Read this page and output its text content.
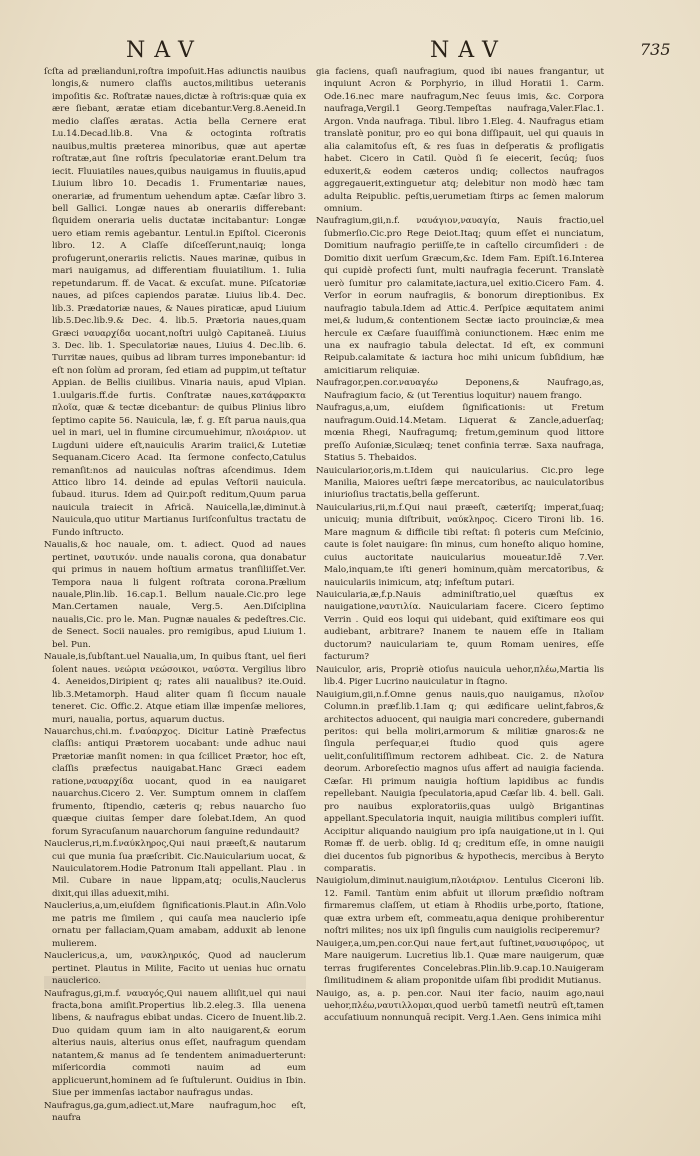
NAV	NAV	735

ſcſta ad prælianduni,roſtra impoſuit.Has adiunctis nauibus longis,& numero claſſis auctos,militibus ueteranis impoſitis &c. Roſtratæ naues,dictæ à roſtris:quæ quia ex ære ſiebant, æratæ etiam dicebantur.Verg.8.Aeneid.In medio claſſes æratas. Actia bella Cernere erat Lu.14.Decad.lib.8. Vna & octoginta roſtratis nauibus,multis præterea minoribus, quæ aut apertæ roſtratæ,aut ſine roſtris ſpeculatoriæ erant.Delum tra iecit. Fluuiatiles naues,quibus nauigamus in fluuiis,apud Liuium libro 10. Decadis 1. Frumentariæ naues, onerariæ, ad frumentum uehendum aptæ. Cæſar libro 3. bell Gallici. Longæ naues ab onerariis differebant: ſiquidem oneraria uelis ductatæ incitabantur: Longæ uero etiam remis agebantur. Lentul.in Epiſtol. Ciceronis libro. 12. A Claſſe diſceſſerunt,nauiq; longa profugerunt,onerariis relictis. Naues marinæ, quibus in mari nauigamus, ad differentiam fluuiatilium. 1. Iulia repetundarum. ff. de Vacat. & excuſat. mune. Piſcatoriæ naues, ad piſces capiendos paratæ. Liuius lib.4. Dec. lib.3. Prædatoriæ naues, & Naues piraticæ, apud Liuium lib.5.Dec.lib.9.& Dec. 4. lib.5. Prætoria naues,quam Græci ναυαρχίδα uocant,noſtri uulgò Capitaneã. Liuius 3. Dec. lib. 1. Speculatoriæ naues, Liuius 4. Dec.lib. 6. Turritæ naues, quibus ad libram turres imponebantur: id eſt non ſolùm ad proram, ſed etiam ad puppim,ut teſtatur Appian. de Bellis ciuilibus. Vinaria nauis, apud Vlpian. 1.uulgaris.ff.de furtis. Conſtratæ naues,κατάφρακτα πλοῖα, quæ & tectæ dicebantur: de quibus Plinius libro ſeptimo capite 56. Nauicula, læ, f. g. Eſt parua nauis,qua uel in mari, uel in flumine circumuehimur, πλοιάριον. ut Lugduni uidere eſt,nauiculis Ararim traiici,& Lutetiæ Sequanam.Cicero Acad. Ita ſermone confecto,Catulus remanſit:nos ad nauiculas noſtras aſcendimus. Idem Attico libro 14. deinde ad epulas Veſtorii nauicula. ſubaud. iturus. Idem ad Quir.poſt reditum,Quum parua nauicula traiecit in Africã. Nauicella,læ,diminut.à Nauicula,quo utitur Martianus Iuriſconſultus tractatu de Fundo inſtructo.

Naualis,& hoc nauale, om. t. adiect. Quod ad naues pertinet, ναυτικόν. unde naualis corona, qua donabatur qui primus in nauem hoſtium armatus tranſiliiſſet.Ver. Tempora naua li fulgent roſtrata corona.Prælium nauale,Plin.lib. 16.cap.1. Bellum nauale.Cic.pro lege Man.Certamen nauale, Verg.5. Aen.Diſciplina naualis,Cic. pro le. Man. Pugnæ nauales & pedeſtres.Cic. de Senect. Socii nauales. pro remigibus, apud Liuium 1. bel. Pun.

Nauale,is,ſubſtant.uel Naualia,um, In quibus ſtant, uel fieri ſolent naues. νεώρια νεώσοικοι, ναύστα. Vergilius libro 4. Aeneidos,Diripient q; rates alii naualibus? ite.Ouid. lib.3.Metamorph. Haud aliter quam ſi ſiccum nauale teneret. Cic. Offic.2. Atque etiam illæ impenſæ meliores, muri, naualia, portus, aquarum ductus.

Nauarchus,chi.m. f.ναύαρχος. Dicitur Latinè Præfectus claſſis: antiqui Prætorem uocabant: unde adhuc naui Prætoriæ manſit nomen: in qua ſcillicet Prætor, hoc eſt, claſſis præfectus nauigabat.Hanc Græci eadem ratione,ναυαρχίδα uocant, quod in ea nauigaret nauarchus.Cicero 2. Ver. Sumptum omnem in claſſem frumento, ſtipendio, cæteris q; rebus nauarcho ſuo quæque ciuitas ſemper dare ſolebat.Idem, An quod forum Syracuſanum nauarchorum ſanguine redundauit?

Nauclerus,ri,m.f.ναύκληρος,Qui naui præeſt,& nautarum cui que munia ſua præſcribit. Cic.Nauicularium uocat, & Nauiculatorem.Hodie Patronum Itali appellant. Plau . in Mil. Cubare in naue lippam,atq; oculis,Nauclerus dixit,qui illas aduexit,mihi.

Nauclerius,a,um,eiuſdem ſignificationis.Plaut.in Aſin.Volo me patris me ſimilem , qui cauſa mea nauclerio ipſe ornatu per fallaciam,Quam amabam, adduxit ab lenone mulierem.

Nauclericus,a, um, ναυκληρικός, Quod ad nauclerum pertinet. Plautus in Milite, Facito ut uenias huc ornatu nauclerico.

Naufragus,gi,m.f. ναυαγός,Qui nauem alliſit,uel qui naui fracta,bona amiſit.Propertius lib.2.eleg.3. Illa uenena libens, & naufragus ebibat undas. Cicero de Inuent.lib.2. Duo quidam quum iam in alto nauigarent,& eorum alterius nauis, alterius onus eſſet, naufragum quendam natantem,& manus ad ſe tendentem animaduerterunt: miſericordia commoti nauim ad eum applicuerunt,hominem ad ſe ſuſtulerunt. Ouidius in Ibin. Siue per immenſas iactabor naufragus undas.

Naufragus,ga,gum,adiect.ut,Mare naufragum,hoc eſt, naufra

gia faciens, quaſi naufragium, quod ibi naues frangantur, ut inquiunt Acron & Porphyrio, in illud Horatii 1. Carm. Ode.16.nec mare naufragum,Nec ſeuus imis, &c. Corpora naufraga,Vergil.1 Georg.Tempeſtas naufraga,Valer.Flac.1. Argon. Vnda naufraga. Tibul. libro 1.Eleg. 4. Naufragus etiam translatè ponitur, pro eo qui bona diſſipauit, uel qui quauis in alia calamitoſus eſt, & res ſuas in deſperatis & profligatis habet. Cicero in Catil. Quòd ſi ſe eiecerit, ſecúq; ſuos eduxerit,& eodem cæteros undiq; collectos naufragos aggregauerit,extinguetur atq; delebitur non modò hæc tam adulta Reipublic. peſtis,uerumetiam ſtirps ac ſemen malorum omnium.

Naufragium,gii,n.f. ναυάγιον,ναυαγία, Nauis fractio,uel ſubmerſio.Cic.pro Rege Deiot.Itaq; quum eſſet ei nunciatum, Domitium naufragio periiſſe,te in caſtello circumſideri : de Domitio dixit uerſum Græcum,&c. Idem Fam. Epiſt.16.Interea qui cupidè profecti ſunt, multi naufragia fecerunt. Translatè uerò ſumitur pro calamitate,iactura,uel exitio.Cicero Fam. 4. Verſor in eorum naufragiis, & bonorum direptionibus. Ex naufragio tabula.Idem ad Attic.4. Perſpice æquitatem animi mei,& ludum,& contentionem Sectæ iacto prouinciæ,& mea hercule ex Cæſare ſuauiſſimà coniunctionem. Hæc enim me una ex naufragio tabula delectat. Id eſt, ex communi Reipub.calamitate & iactura hoc mihi unicum ſubſidium, hæ amicitiarum reliquiæ.

Naufragor,pen.cor.ναυαγέω Deponens,& Naufrago,as, Naufragium facio, & (ut Terentius loquitur) nauem frango.

Naufragus,a,um, eiuſdem ſignificationis: ut Fretum naufragum.Ouid.14.Metam. Liquerat & Zancle,aduerſaq; mœnia Rhegi, Naufragumq; fretum,geminum quod littore preſſo Auſoniæ,Siculæq; tenet confinia terræ. Saxa naufraga, Statius 5. Thebaidos.

Nauicularior,oris,m.t.Idem qui nauicularius. Cic.pro lege Manilia, Maiores ueſtri ſæpe mercatoribus, ac nauiculatoribus iniurioſius tractatis,bella geſſerunt.

Nauicularius,rii,m.f.Qui naui præeſt, cæteriſq; imperat,ſuaq; unicuiq; munia diſtribuit, ναύκληρος. Cicero Tironi lib. 16. Mare magnum & difficile tibi reſtat: ſi poteris cum Meſcinio, caute is ſolet nauigare: ſin minus, cum honeſto aliquo homine, cuius auctoritate nauicularius moueatur.Idē 7.Ver. Malo,inquam,te iſti generi hominum,quàm mercatoribus, & nauiculariis inimicum, atq; infeſtum putari.

Nauicularia,æ,f.p.Nauis adminiſtratio,uel quæſtus ex nauigatione,ναυτιλία. Nauiculariam facere. Cicero ſeptimo Verrin . Quid eos loqui qui uidebant, quid exiſtimare eos qui audiebant, arbitrare? Inanem te nauem eſſe in Italiam ductorum? nauiculariam te, quum Romam uenires, eſſe facturum?

Nauiculor, aris, Propriè otioſus nauicula uehor,πλέω,Martia lis lib.4. Piger Lucrino nauiculatur in ſtagno.

Nauigium,gii,n.f.Omne genus nauis,quo nauigamus, πλοῖον Column.in præf.lib.1.Iam q; qui ædificare uelint,fabros,& architectos aduocent, qui nauigia mari concredere, gubernandi peritos: qui bella moliri,armorum & militiæ gnaros:& ne ſingula perſequar,ei ſtudio quod quis agere uelit,conſulitiſſimum rectorem adhibeat. Cic. 2. de Natura deorum. Arboreſectio magnos uſus affert ad nauigia facienda. Cæſar. Hi primum nauigia hoſtium lapidibus ac fundis repellebant. Nauigia ſpeculatoria,apud Cæſar lib. 4. bell. Gali. pro nauibus exploratoriis,quas uulgò Brigantinas appellant.Speculatoria inquit, nauigia militibus compleri iuſſit. Accipitur aliquando nauigium pro ipſa nauigatione,ut in l. Qui Romæ ff. de uerb. oblig. Id q; creditum eſſe, in omne nauigii diei ducentos ſub pignoribus & hypothecis, mercibus à Beryto comparatis.

Nauigiolum,diminut.nauigium,πλοιάριον. Lentulus Ciceroni lib. 12. Famil. Tantùm enim abfuit ut illorum præſidio noſtram firmaremus claſſem, ut etiam à Rhodiis urbe,porto, ſtatione, quæ extra urbem eſt, commeatu,aqua denique prohiberentur noſtri milites; nos uix ipſi ſingulis cum nauigiolis reciperemur?

Nauiger,a,um,pen.cor.Qui naue fert,aut ſuſtinet,ναυσιφόρος, ut Mare nauigerum. Lucretius lib.1. Quæ mare nauigerum, quæ terras frugiferentes Concelebras.Plin.lib.9.cap.10.Nauigeram ſimilitudinem & aliam proponitde uiſam ſibi prodidit Mutianus.

Nauigo, as, a. p. pen.cor. Naui iter facio, nauim ago,naui uehor,πλέω,ναυτιλλομαι,quod uerbū tametſi neutrū eſt,tamen accuſatiuum nonnunquā recipit. Verg.1.Aen. Gens inimica mihi
